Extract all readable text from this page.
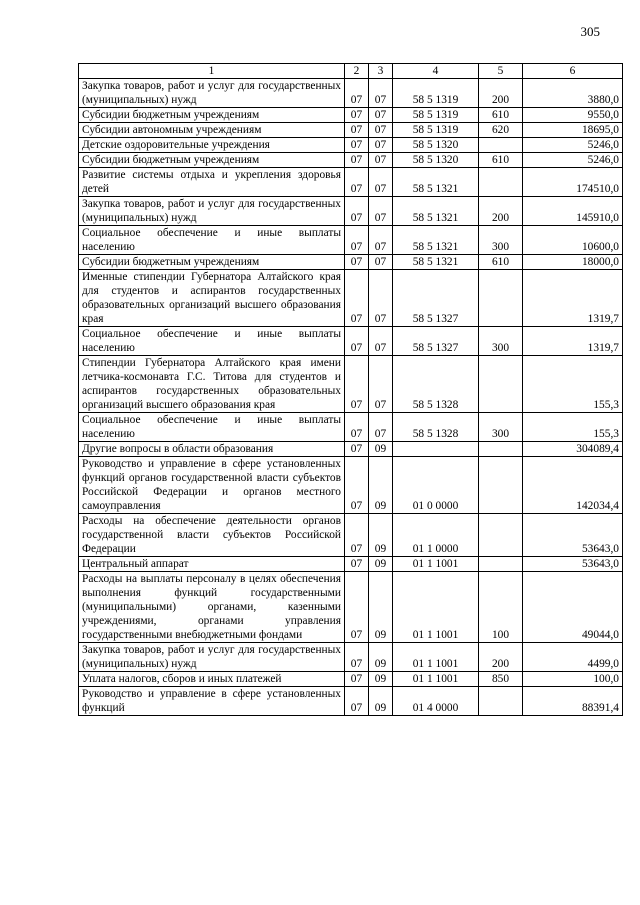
305
1	2	3	4	5	6
Закупка товаров, работ и услуг для государственных (муниципальных) нужд	07	07	58 5 1319	200	3880,0
Субсидии бюджетным учреждениям	07	07	58 5 1319	610	9550,0
Субсидии автономным учреждениям	07	07	58 5 1319	620	18695,0
Детские оздоровительные учреждения	07	07	58 5 1320		5246,0
Субсидии бюджетным учреждениям	07	07	58 5 1320	610	5246,0
Развитие системы отдыха и укрепления здоровья детей	07	07	58 5 1321		174510,0
Закупка товаров, работ и услуг для государственных (муниципальных) нужд	07	07	58 5 1321	200	145910,0
Социальное обеспечение и иные выплаты населению	07	07	58 5 1321	300	10600,0
Субсидии бюджетным учреждениям	07	07	58 5 1321	610	18000,0
Именные стипендии Губернатора Алтайского края для студентов и аспирантов государственных образовательных организаций высшего образования края	07	07	58 5 1327		1319,7
Социальное обеспечение и иные выплаты населению	07	07	58 5 1327	300	1319,7
Стипендии Губернатора Алтайского края имени летчика-космонавта Г.С. Титова для студентов и аспирантов государственных образовательных организаций высшего образования края	07	07	58 5 1328		155,3
Социальное обеспечение и иные выплаты населению	07	07	58 5 1328	300	155,3
Другие вопросы в области образования	07	09			304089,4
Руководство и управление в сфере установленных функций органов государственной власти субъектов Российской Федерации и органов местного самоуправления	07	09	01 0 0000		142034,4
Расходы на обеспечение деятельности органов государственной власти субъектов Российской Федерации	07	09	01 1 0000		53643,0
Центральный аппарат	07	09	01 1 1001		53643,0
Расходы на выплаты персоналу в целях обеспечения выполнения функций государственными (муниципальными) органами, казенными учреждениями, органами управления государственными внебюджетными фондами	07	09	01 1 1001	100	49044,0
Закупка товаров, работ и услуг для государственных (муниципальных) нужд	07	09	01 1 1001	200	4499,0
Уплата налогов, сборов и иных платежей	07	09	01 1 1001	850	100,0
Руководство и управление в сфере установленных функций	07	09	01 4 0000		88391,4
